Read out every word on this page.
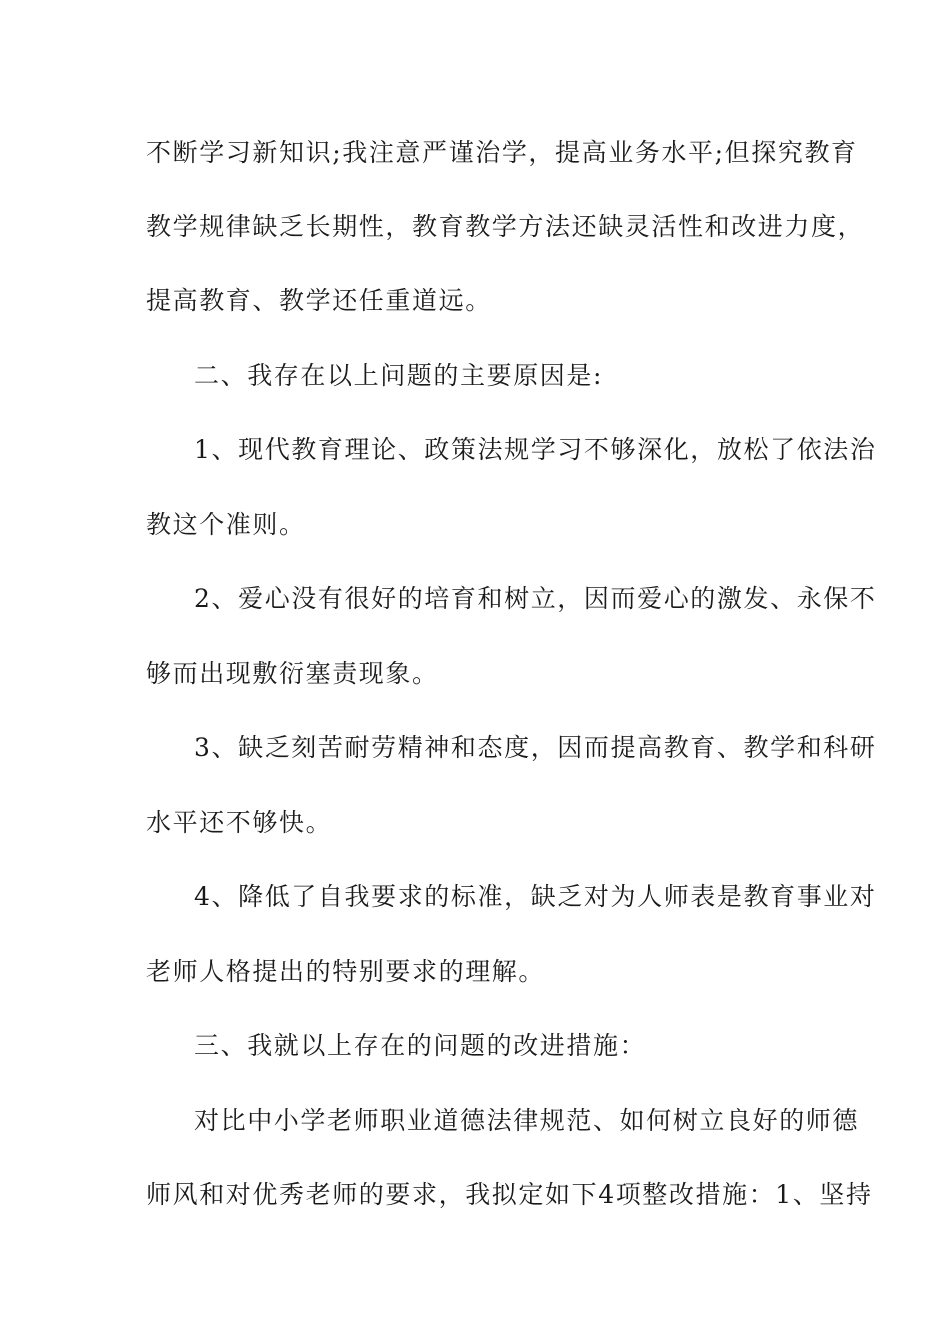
不断学习新知识;我注意严谨治学，提高业务水平;但探究教育
教学规律缺乏长期性，教育教学方法还缺灵活性和改进力度，
提高教育、教学还任重道远。
二、我存在以上问题的主要原因是:
1、现代教育理论、政策法规学习不够深化，放松了依法治
教这个准则。
2、爱心没有很好的培育和树立，因而爱心的激发、永保不
够而出现敷衍塞责现象。
3、缺乏刻苦耐劳精神和态度，因而提高教育、教学和科研
水平还不够快。
4、降低了自我要求的标准，缺乏对为人师表是教育事业对
老师人格提出的特别要求的理解。
三、我就以上存在的问题的改进措施：
对比中小学老师职业道德法律规范、如何树立良好的师德
师风和对优秀老师的要求，我拟定如下4项整改措施：1、坚持
